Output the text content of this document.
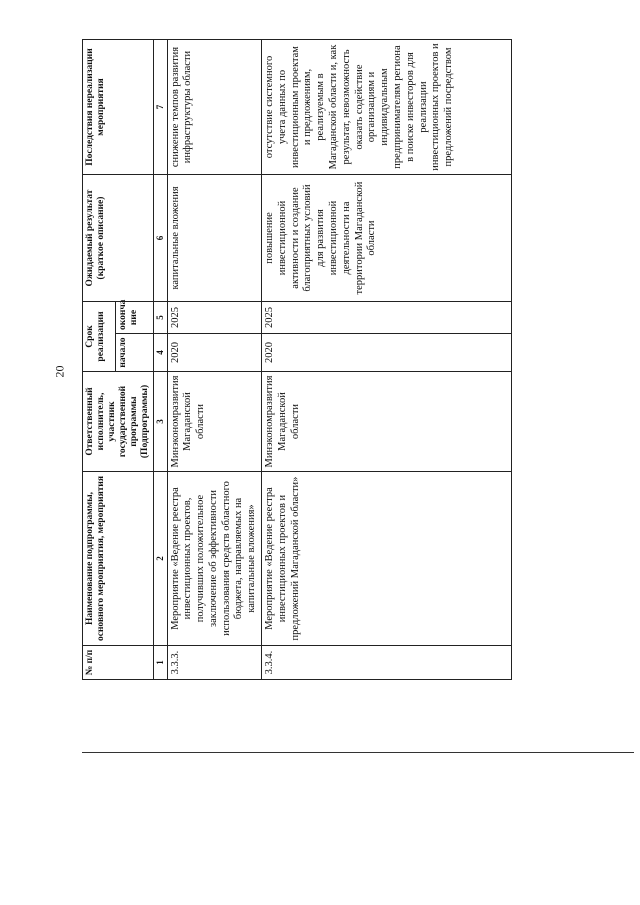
20
№ п/п	Наименование подпрограммы, основного мероприятия, мероприятия	Ответственный исполнитель, участник государственной программы (Подпрограммы)	Срок реализации		Ожидаемый результат (краткое описание)	Последствия нереализации мероприятия
			начало	оконча ние		
1	2	3	4	5	6	7
3.3.3.	Мероприятие «Ведение реестра инвестиционных проектов, получивших положительное заключение об эффективности использования средств областного бюджета, направляемых на капитальные вложения»	Минэкономразвития Магаданской области	2020	2025	капитальные вложения	снижение темпов развития инфраструктуры области
3.3.4.	Мероприятие «Ведение реестра инвестиционных проектов и предложений Магаданской области»	Минэкономразвития Магаданской области	2020	2025	повышение инвестиционной активности и создание благоприятных условий для развития инвестиционной деятельности на территории Магаданской области	отсутствие системного учета данных по инвестиционным проектам и предложениям, реализуемым в Магаданской области и, как результат, невозможность оказать содействие организациям и индивидуальным предпринимателям региона в поиске инвесторов для реализации инвестиционных проектов и предложений посредством
